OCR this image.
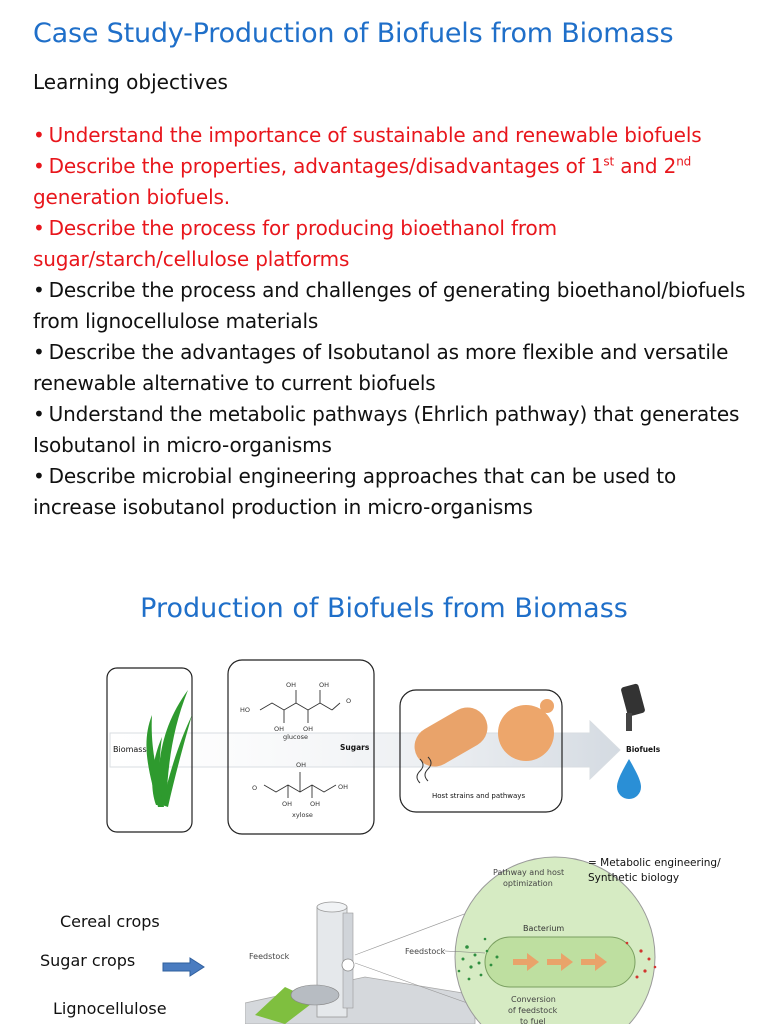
Case Study-Production of Biofuels from Biomass
Learning objectives
• Understand the importance of sustainable and renewable biofuels
• Describe the properties, advantages/disadvantages of 1st and 2nd generation biofuels.
• Describe the process for producing bioethanol from sugar/starch/cellulose platforms
• Describe the process and challenges of generating bioethanol/biofuels from lignocellulose materials
• Describe the advantages of Isobutanol as more flexible and versatile renewable alternative to current biofuels
• Understand the metabolic pathways (Ehrlich pathway) that generates Isobutanol in micro-organisms
• Describe microbial engineering approaches that can be used to increase isobutanol production in micro-organisms
Production of Biofuels from Biomass
Biomass
OH	OH
HO
OH	OH
O
glucose
Sugars
OH
O	OH
OH	OH
xylose
Host strains and pathways
Biofuels
Cereal crops
Sugar crops
Lignocellulose
Feedstock
Bacterium
Feedstock
Conversion
of feedstock
to fuel
Pathway and host
optimization
= Metabolic engineering/
Synthetic biology
